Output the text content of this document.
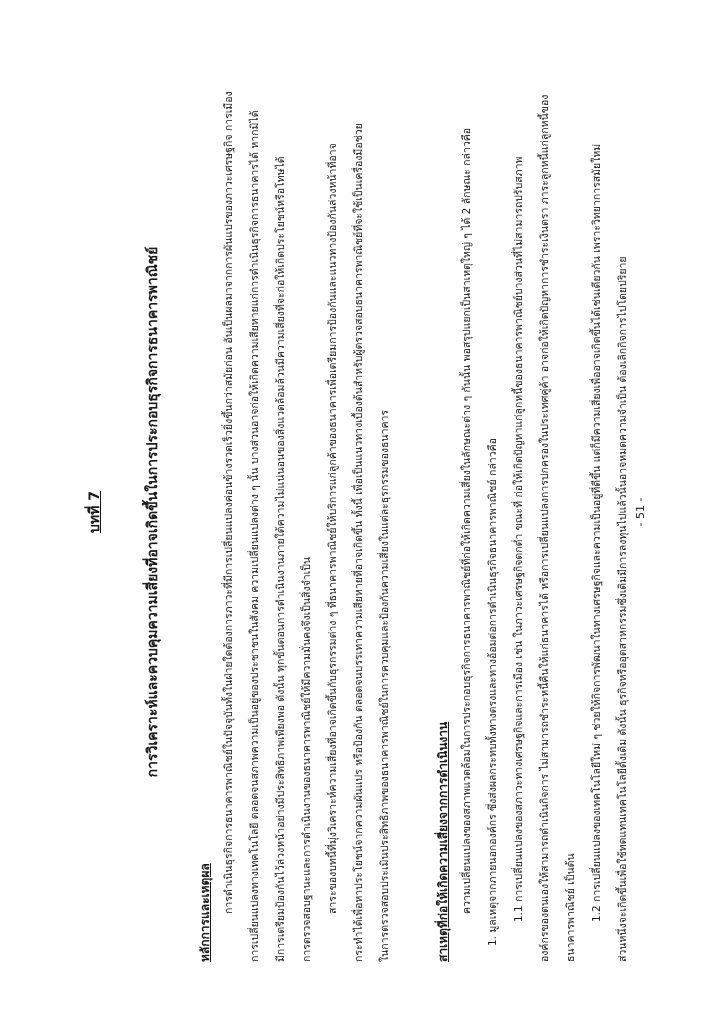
บทที่ 7	การวิเคราะห์และควบคุมความเสี่ยงที่อาจเกิดขึ้นในการประกอบธุรกิจการธนาคารพาณิชย์
หลักการและเหตุผล	การดำเนินธุรกิจการธนาคารพาณิชย์ในปัจจุบันทั้งในฝ่ายใดต้องการภาวะที่มีการเปลี่ยนแปลงค่อนข้างรวดเร็วยิ่งขึ้นกว่าสมัยก่อน อันเป็นผลมาจากการผันแปรของภาวะเศรษฐกิจ การเมือง	การเปลี่ยนแปลงทางเทคโนโลยี ตลอดจนสภาพความเป็นอยู่ของประชาชนในสังคม ความเปลี่ยนแปลงต่าง ๆ นั้น บางส่วนอาจก่อให้เกิดความเสียหายแก่การดำเนินธุรกิจการธนาคารได้ หากมิได้	มีการเตรียมป้องกันไว้ล่วงหน้าอย่างมีประสิทธิภาพเพียงพอ ดังนั้น ทุกขั้นตอนการดำเนินงานภายใต้ความไม่แน่นอนของสิ่งแวดล้อมล้วนมีความเสี่ยงที่จะก่อให้เกิดประโยชน์หรือโทษได้	การตรวจสอบฐานะและการดำเนินงานของธนาคารพาณิชย์ให้มีความมั่นคงจึงเป็นสิ่งจำเป็น	สาระของบทนี้ที่มุ่งวิเคราะห์ความเสี่ยงที่อาจเกิดขึ้นกับธุรกรรมต่าง ๆ ที่ธนาคารพาณิชย์ให้บริการแก่ลูกค้าของธนาคารเพื่อเตรียมการป้องกันและแนวทางป้องกันล่วงหน้าที่อาจ	กระทำได้เพื่อหาประโยชน์จากความผันแปร หรือป้องกัน ตลอดจนบรรเทาความเสียหายที่อาจเกิดขึ้น ทั้งนี้ เพื่อเป็นแนวทางเบื้องต้นสำหรับผู้ตรวจสอบธนาคารพาณิชย์ที่จะใช้เป็นเครื่องมือช่วย	ในการตรวจสอบประเมินประสิทธิภาพของธนาคารพาณิชย์ในการควบคุมและป้องกันความเสี่ยงในแต่ละธุรกรรมของธนาคาร	สาเหตุที่ก่อให้เกิดความเสี่ยงจากการดำเนินงาน	ความเปลี่ยนแปลงของสภาพแวดล้อมในการประกอบธุรกิจการธนาคารพาณิชย์ที่ก่อให้เกิดความเสี่ยงในลักษณะต่าง ๆ กันนั้น พอสรุปแยกเป็นสาเหตุใหญ่ ๆ ได้ 2 ลักษณะ กล่าวคือ	1. มูลเหตุจากภายนอกองค์กร ซึ่งส่งผลกระทบทั้งทางตรงและทางอ้อมต่อการดำเนินธุรกิจธนาคารพาณิชย์ กล่าวคือ	1.1 การเปลี่ยนแปลงของสภาวะทางเศรษฐกิจและการเมือง เช่น ในภาวะเศรษฐกิจตกต่ำ ขณะที่ ก่อให้เกิดปัญหาแก่ลูกหนี้ของธนาคารพาณิชย์บางส่วนที่ไม่สามารถปรับสภาพ	องค์กรของตนเองให้สามารถดำเนินกิจการ ไม่สามารถชำระหนี้คืนให้แก่ธนาคารได้ หรือการเปลี่ยนแปลงการปกครองในประเทศคู่ค้า อาจก่อให้เกิดปัญหาการชำระเงินตรา ภาระลูกหนี้แก่ลูกหนี้ของ	ธนาคารพาณิชย์ เป็นต้น	1.2 การเปลี่ยนแปลงของเทคโนโลยีใหม่ ๆ ช่วยให้กิจการพัฒนาในทางเศรษฐกิจและความเป็นอยู่ที่ดีขึ้น แต่ก็มีความเสี่ยงเพื่ออาจเกิดขึ้นได้เช่นเดียวกัน เพราะวิทยาการสมัยใหม่	ส่วนหนึ่งจะเกิดขึ้นเพื่อใช้ทดแทนเทคโนโลยีดั้งเดิม ดังนั้น ธุรกิจหรืออุตสาหกรรมซึ่งเดิมมีการลงทุนไปแล้วนั้นอาจหมดความจำเป็น ต้องเลิกกิจการไปโดยปริยาย - 51 -
